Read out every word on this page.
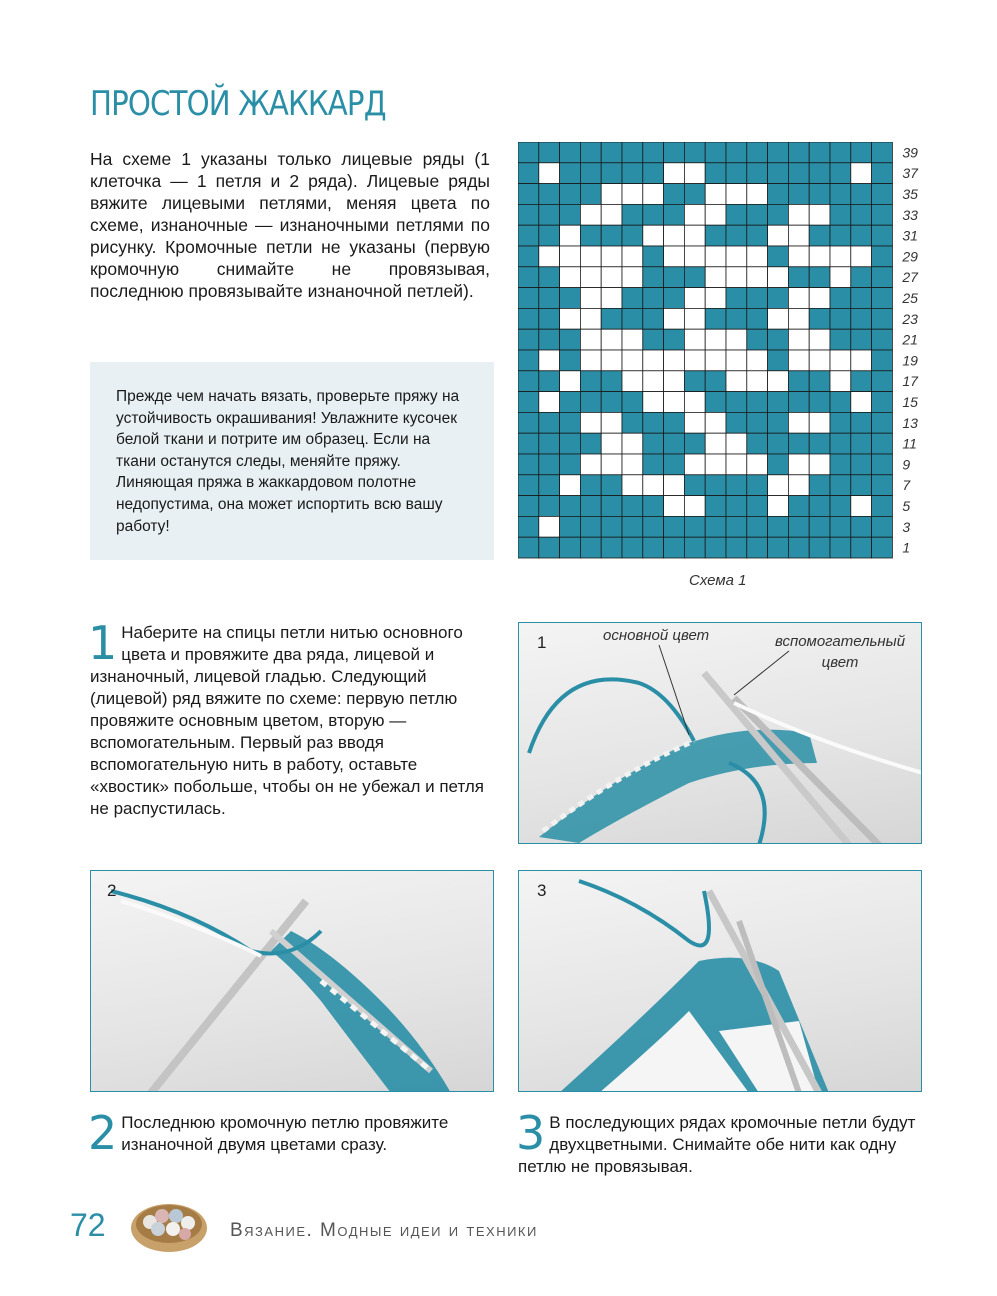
ПРОСТОЙ ЖАККАРД

На схеме 1 указаны только лицевые ряды (1 клеточка — 1 петля и 2 ряда). Лицевые ряды вяжите лицевыми петлями, меняя цвета по схеме, изнаночные — изнаночными петлями по рисунку. Кромочные петли не указаны (первую кромочную снимайте не провязывая, последнюю провязывайте изнаночной петлей).

Прежде чем начать вязать, проверьте пряжу на устойчивость окрашивания! Увлажните кусочек белой ткани и потрите им образец. Если на ткани останутся следы, меняйте пряжу. Линяющая пряжа в жаккардовом полотне недопустима, она может испортить всю вашу работу!

39
37
35
33
31
29
27
25
23
21
19
17
15
13
11
9
7
5
3
1
Схема 1

1 Наберите на спицы петли нитью основного цвета и провяжите два ряда, лицевой и изнаночный, лицевой гладью. Следующий (лицевой) ряд вяжите по схеме: первую петлю провяжите основным цветом, вторую — вспомогательным. Первый раз вводя вспомогательную нить в работу, оставьте «хвостик» побольше, чтобы он не убежал и петля не распустилась.

1	основной цвет	вспомогательный цвет
2	3

2 Последнюю кромочную петлю провяжите изнаночной двумя цветами сразу.	3 В последующих рядах кромочные петли будут двухцветными. Снимайте обе нити как одну петлю не провязывая.

72	Вязание. Модные идеи и техники
